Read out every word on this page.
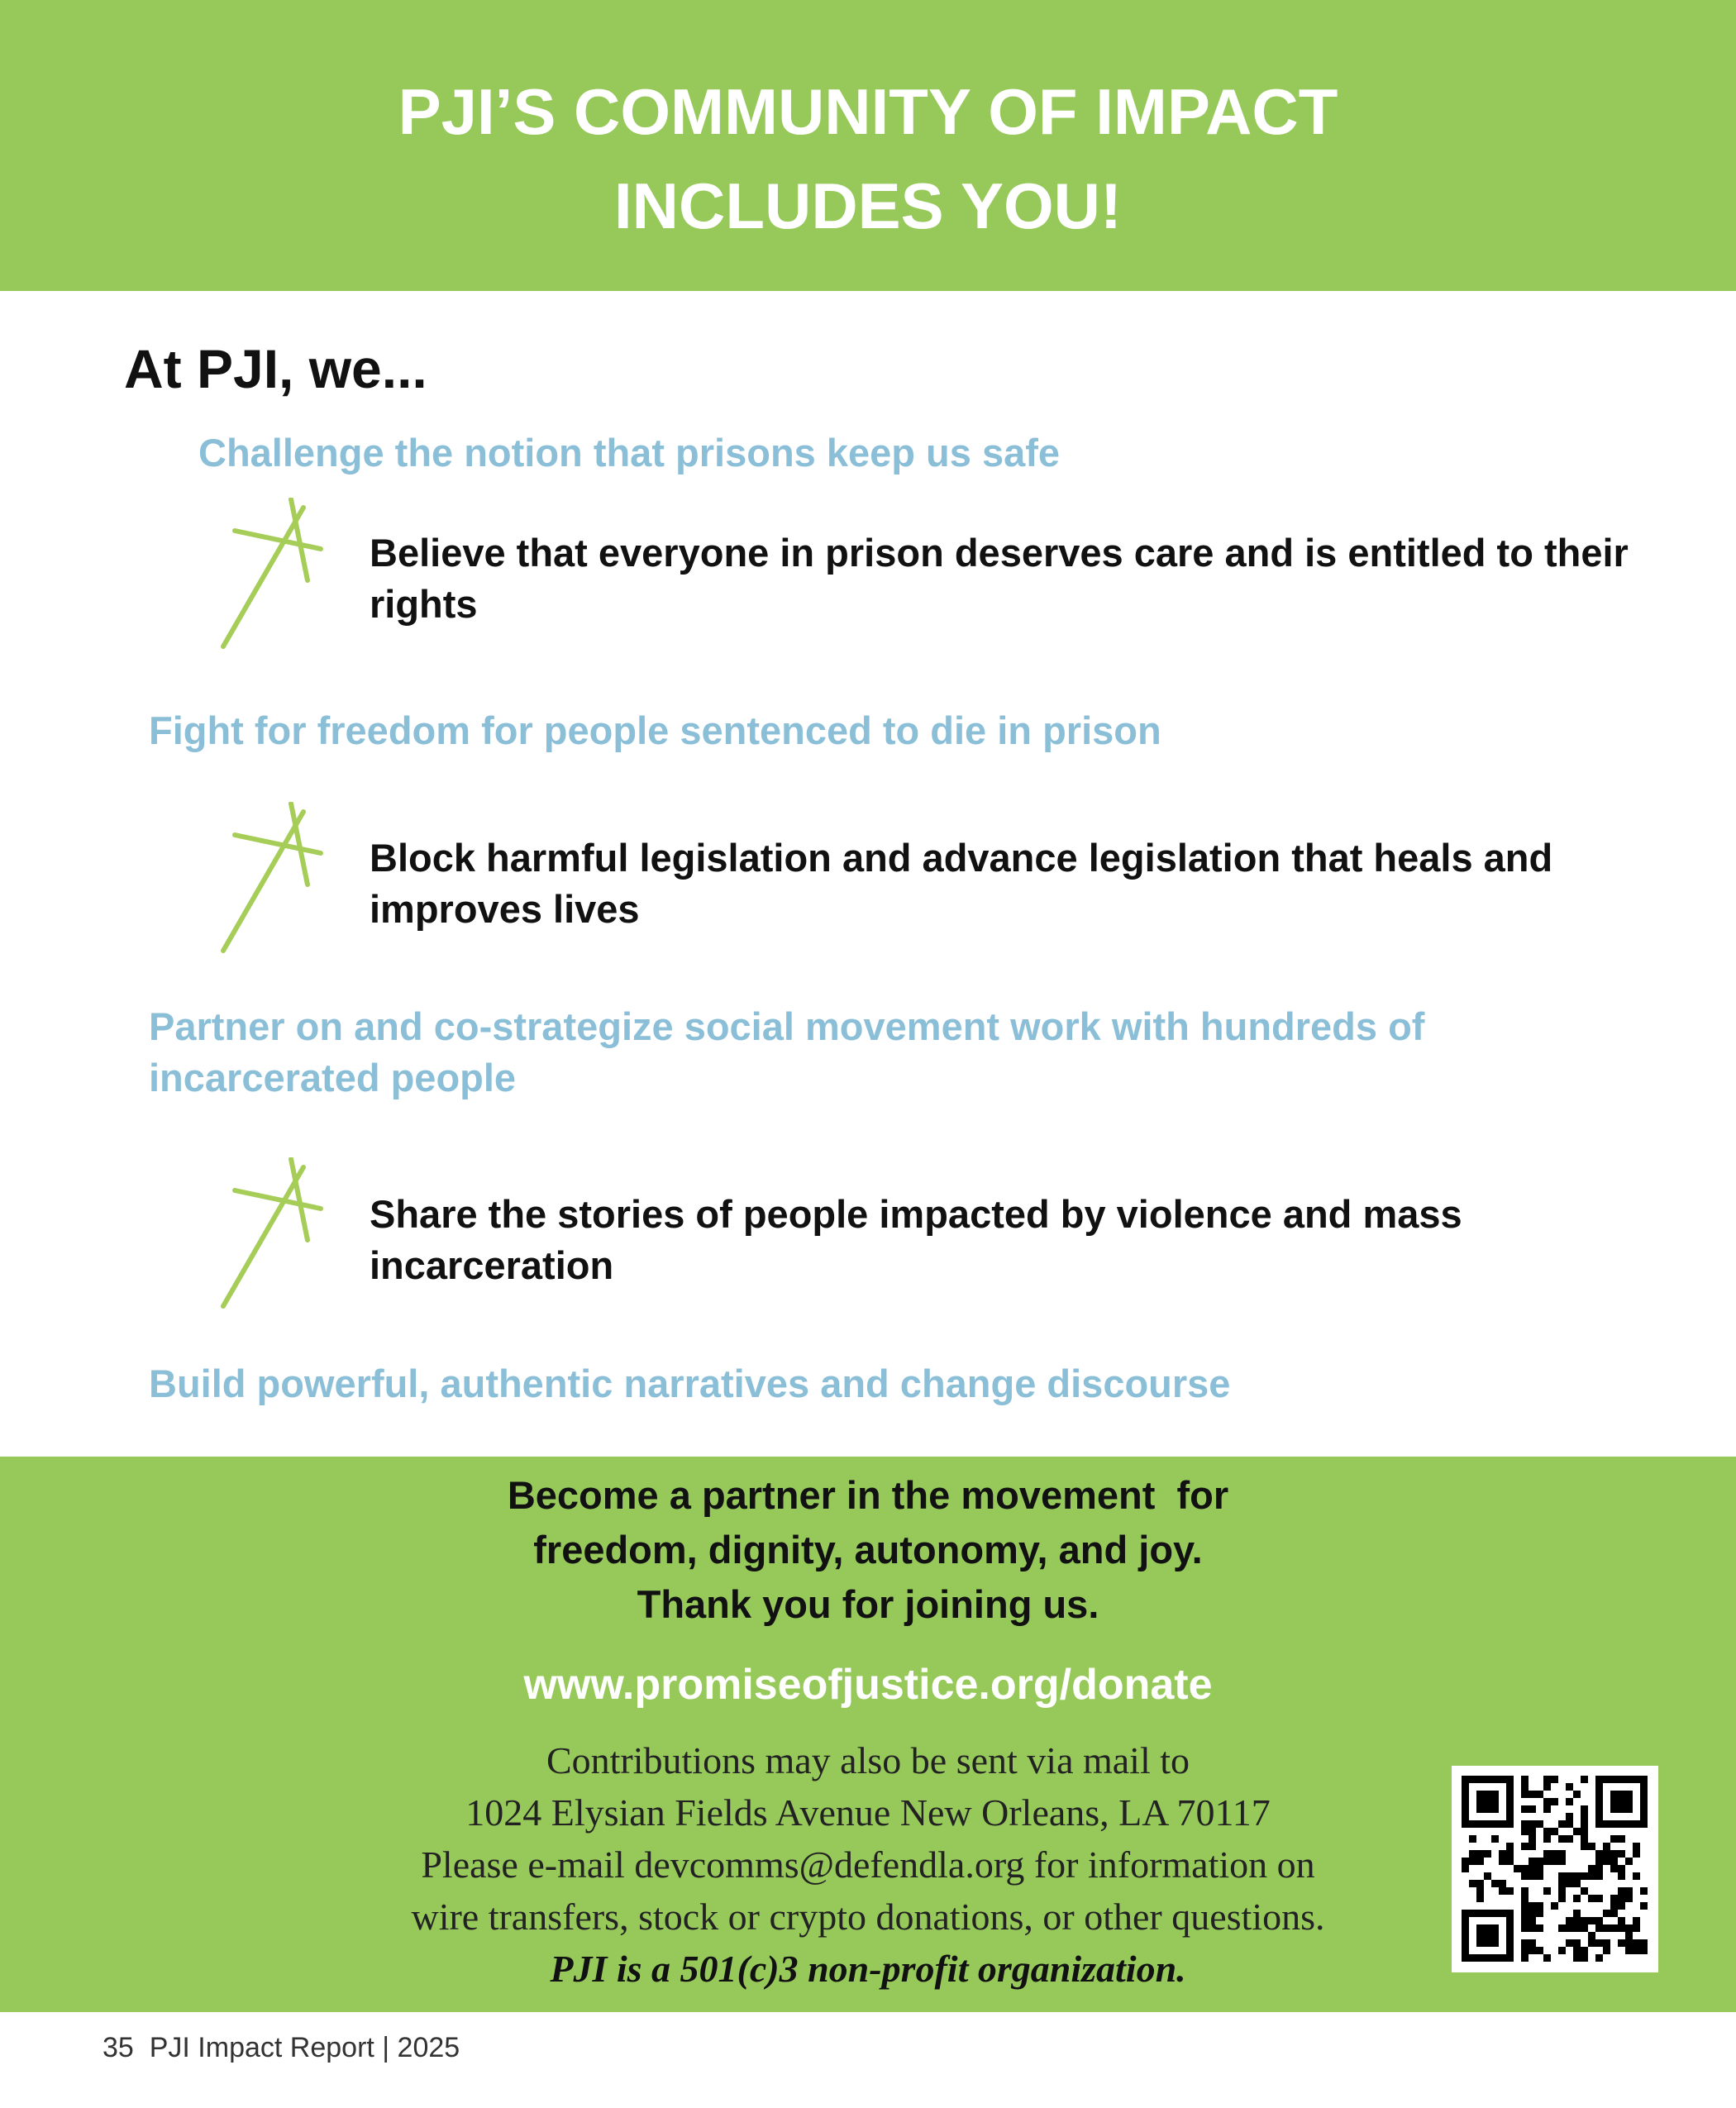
PJI’S COMMUNITY OF IMPACT
INCLUDES YOU!
At PJI, we...
Challenge the notion that prisons keep us safe
Believe that everyone in prison deserves care and is entitled to their rights
Fight for freedom for people sentenced to die in prison
Block harmful legislation and advance legislation that heals and improves lives
Partner on and co-strategize social movement work with hundreds of incarcerated people
Share the stories of people impacted by violence and mass incarceration
Build powerful, authentic narratives and change discourse
Become a partner in the movement  for
freedom, dignity, autonomy, and joy.
Thank you for joining us.
www.promiseofjustice.org/donate
Contributions may also be sent via mail to
1024 Elysian Fields Avenue New Orleans, LA 70117
Please e-mail devcomms@defendla.org for information on
wire transfers, stock or crypto donations, or other questions.
PJI is a 501(c)3 non-profit organization.
35 PJI Impact Report | 2025
